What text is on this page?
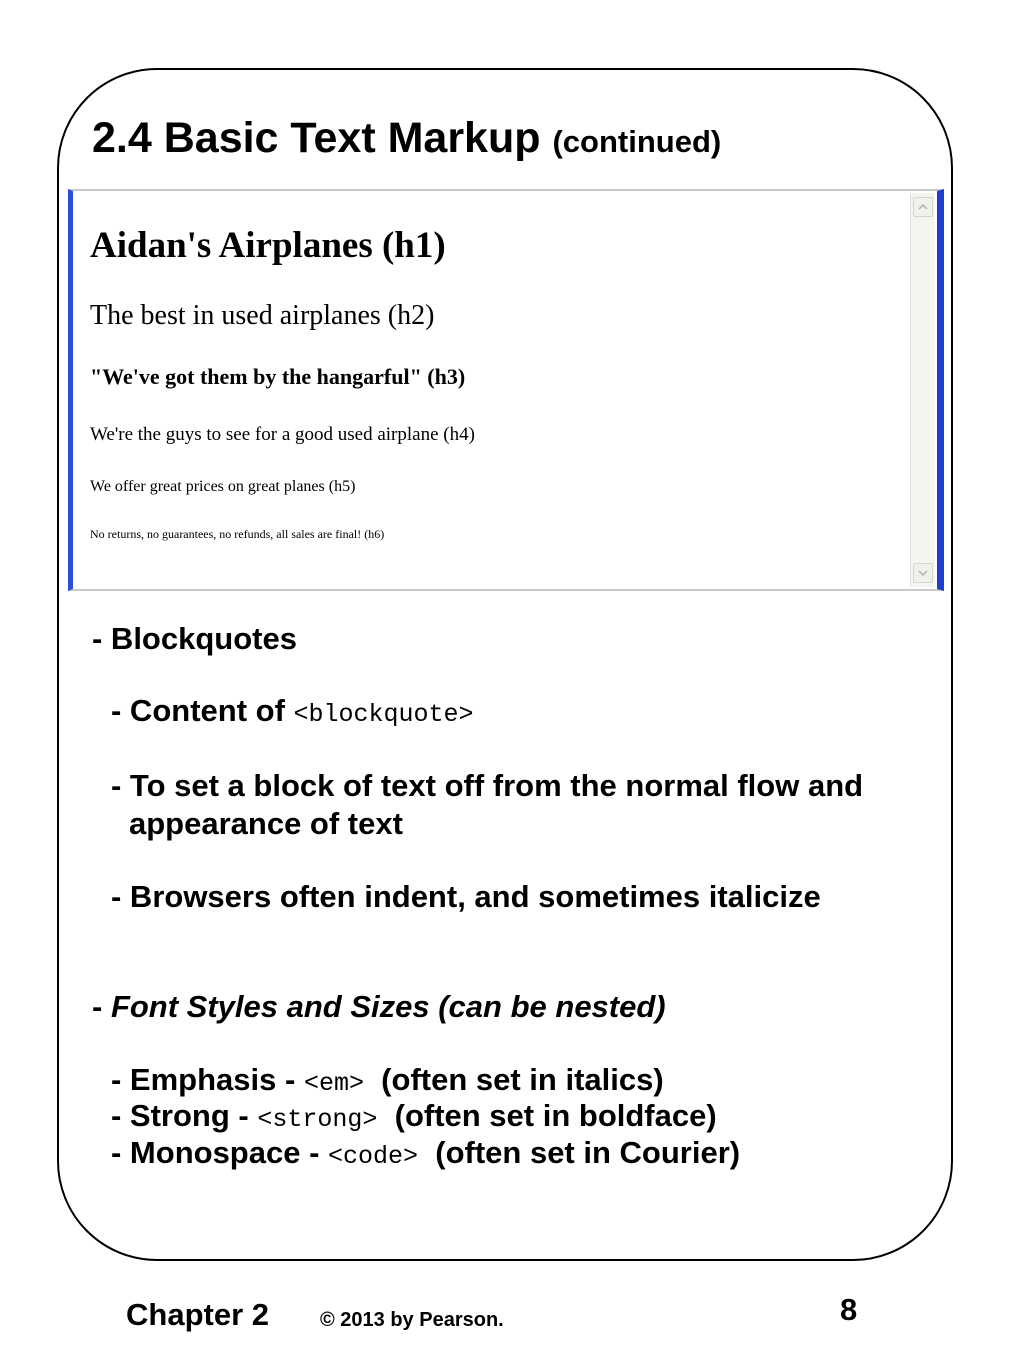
2.4 Basic Text Markup (continued)
Aidan's Airplanes (h1)
The best in used airplanes (h2)
"We've got them by the hangarful" (h3)
We're the guys to see for a good used airplane (h4)
We offer great prices on great planes (h5)
No returns, no guarantees, no refunds, all sales are final! (h6)
- Blockquotes
- Content of <blockquote>
- To set a block of text off from the normal flow and
appearance of text
- Browsers often indent, and sometimes italicize
- Font Styles and Sizes (can be nested)
- Emphasis - <em>  (often set in italics)
- Strong - <strong>  (often set in boldface)
- Monospace - <code>  (often set in Courier)
Chapter 2	© 2013 by Pearson.	8
